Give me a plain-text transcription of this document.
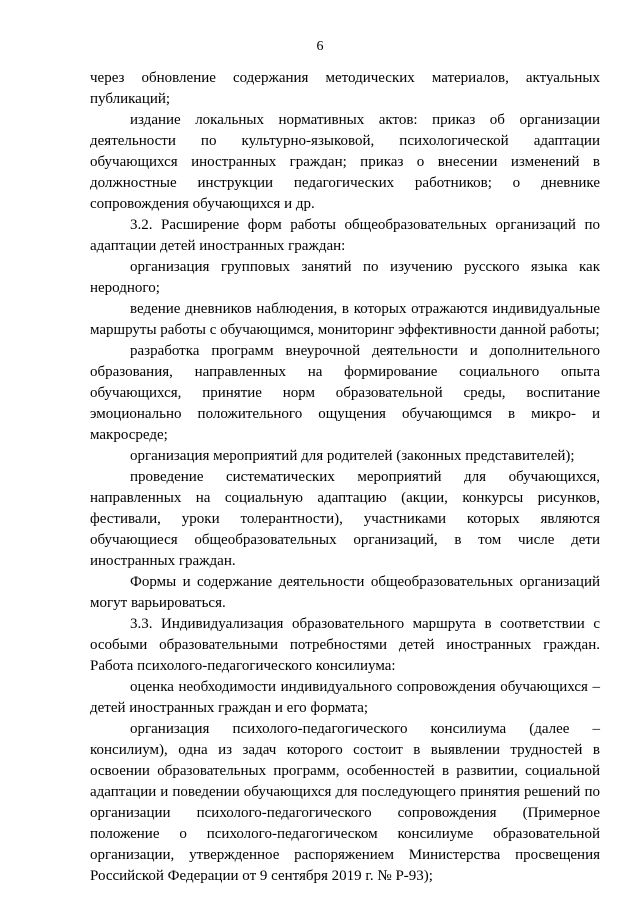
6

через обновление содержания методических материалов, актуальных публикаций;

издание локальных нормативных актов: приказ об организации деятельности по культурно-языковой, психологической адаптации обучающихся иностранных граждан; приказ о внесении изменений в должностные инструкции педагогических работников; о дневнике сопровождения обучающихся и др.

3.2. Расширение форм работы общеобразовательных организаций по адаптации детей иностранных граждан:

организация групповых занятий по изучению русского языка как неродного;

ведение дневников наблюдения, в которых отражаются индивидуальные маршруты работы с обучающимся, мониторинг эффективности данной работы;

разработка программ внеурочной деятельности и дополнительного образования, направленных на формирование социального опыта обучающихся, принятие норм образовательной среды, воспитание эмоционально положительного ощущения обучающимся в микро- и макросреде;

организация мероприятий для родителей (законных представителей);

проведение систематических мероприятий для обучающихся, направленных на социальную адаптацию (акции, конкурсы рисунков, фестивали, уроки толерантности), участниками которых являются обучающиеся общеобразовательных организаций, в том числе дети иностранных граждан.

Формы и содержание деятельности общеобразовательных организаций могут варьироваться.

3.3. Индивидуализация образовательного маршрута в соответствии с особыми образовательными потребностями детей иностранных граждан. Работа психолого-педагогического консилиума:

оценка необходимости индивидуального сопровождения обучающихся – детей иностранных граждан и его формата;

организация психолого-педагогического консилиума (далее – консилиум), одна из задач которого состоит в выявлении трудностей в освоении образовательных программ, особенностей в развитии, социальной адаптации и поведении обучающихся для последующего принятия решений по организации психолого-педагогического сопровождения (Примерное положение о психолого-педагогическом консилиуме образовательной организации, утвержденное распоряжением Министерства просвещения Российской Федерации от 9 сентября 2019 г. № Р-93);
